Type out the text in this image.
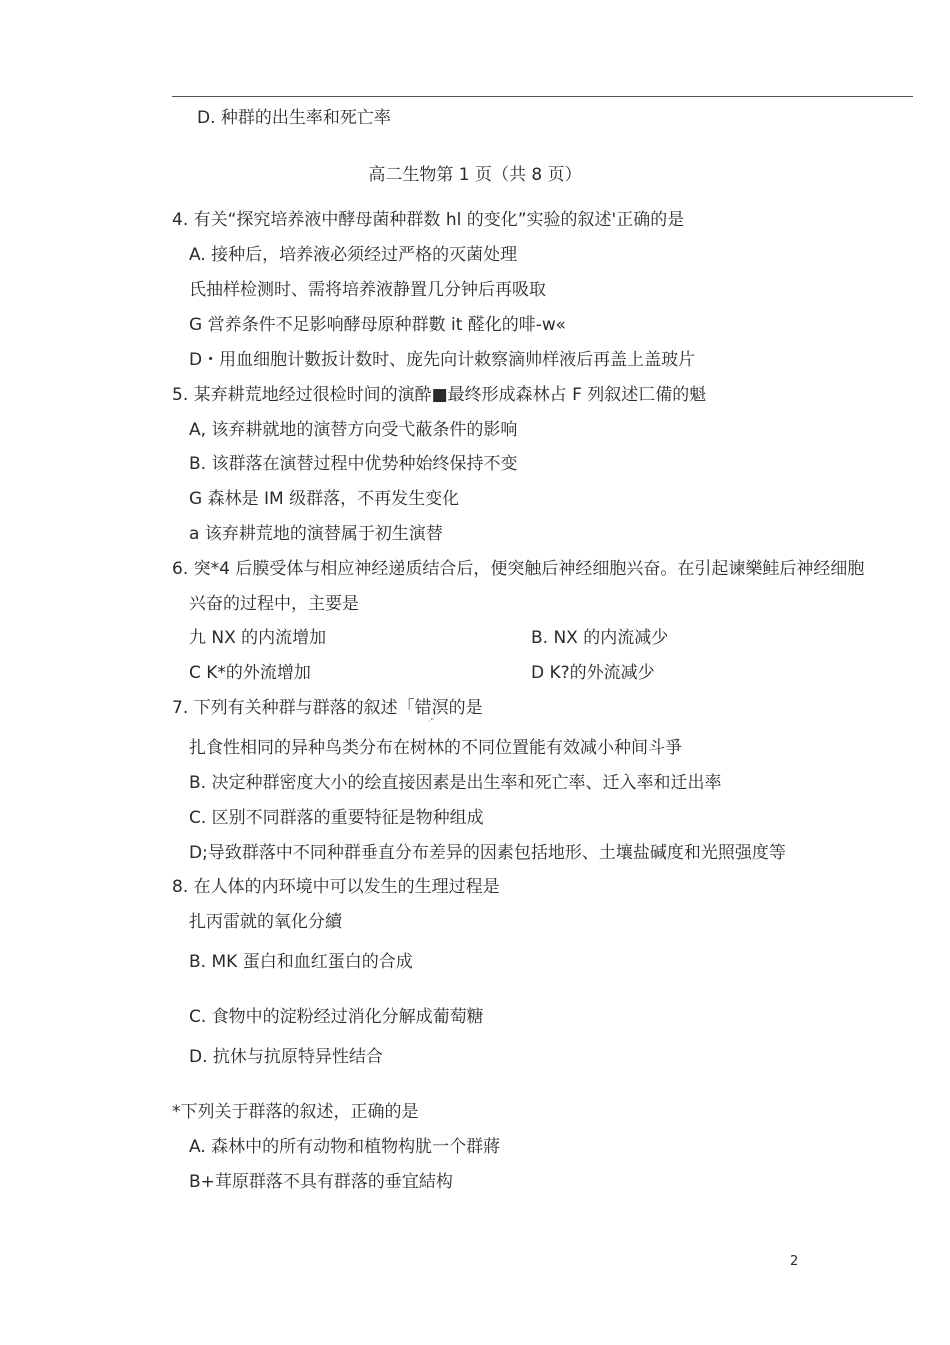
D. 种群的出生率和死亡率
高二生物第 1 页（共 8 页）
4. 有关“探究培养液中酵母菌种群数 hl 的变化”实验的叙述'正确的是
A. 接种后，培养液必须经过严格的灭菌处理
氏抽样检测时、需将培养液静置几分钟后再吸取
G 営养条件不足影响酵母原种群數 it 醛化的啡-w«
D・用血细胞计數扳计数时、庞先向计敕察滴帅样液后再盖上盖玻片
5. 某弃耕荒地经过很检时间的演酔■最终形成森林占 F 列叙述匸備的魁
A, 该弃耕就地的演替方向受弋蔽条件的影响
B. 该群落在演替过程中优势种始终保持不变
G 森林是 IM 级群落，不再发生变化
a 该弃耕荒地的演替属于初生演替
6. 突*4 后膜受体与相应神经递质结合后，便突触后神经细胞兴奋。在引起谏樂鲑后神经细胞
兴奋的过程中，主要是
九 NX 的内流增加	B. NX 的内流减少
C K*的外流增加	D K?的外流减少
7. 下列有关种群与群落的叙述「错溟的是
·"
扎食性相同的异种鸟类分布在树林的不同位置能有效减小种间斗爭
B. 决定种群密度大小的绘直接因素是出生率和死亡率、迁入率和迁出率
C. 区别不同群落的重要特征是物种组成
D;导致群落中不同种群垂直分布差异的因素包括地形、土壤盐碱度和光照强度等
8. 在人体的内环境中可以发生的生理过程是
扎丙雷就的氧化分續
B. MK 蛋白和血红蛋白的合成
C. 食物中的淀粉经过消化分解成葡萄糖
D. 抗休与抗原特异性结合
*下列关于群落的叙述，正确的是
A. 森林中的所有动物和植物构肬一个群蔣
B+茸原群落不具有群落的垂宜結构
2
